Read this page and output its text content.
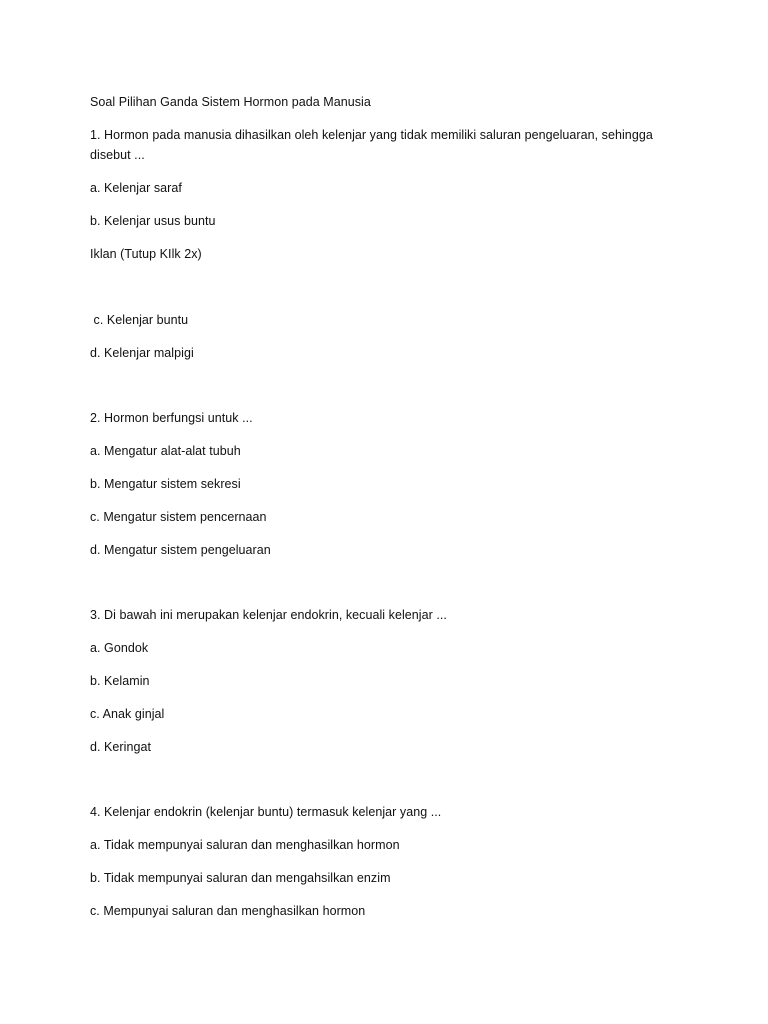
Soal Pilihan Ganda Sistem Hormon pada Manusia
1. Hormon pada manusia dihasilkan oleh kelenjar yang tidak memiliki saluran pengeluaran, sehingga disebut ...
a. Kelenjar saraf
b. Kelenjar usus buntu
Iklan (Tutup KIlk 2x)
c. Kelenjar buntu
d. Kelenjar malpigi
2. Hormon berfungsi untuk ...
a. Mengatur alat-alat tubuh
b. Mengatur sistem sekresi
c. Mengatur sistem pencernaan
d. Mengatur sistem pengeluaran
3. Di bawah ini merupakan kelenjar endokrin, kecuali kelenjar ...
a. Gondok
b. Kelamin
c. Anak ginjal
d. Keringat
4. Kelenjar endokrin (kelenjar buntu) termasuk kelenjar yang ...
a. Tidak mempunyai saluran dan menghasilkan hormon
b. Tidak mempunyai saluran dan mengahsilkan enzim
c. Mempunyai saluran dan menghasilkan hormon
